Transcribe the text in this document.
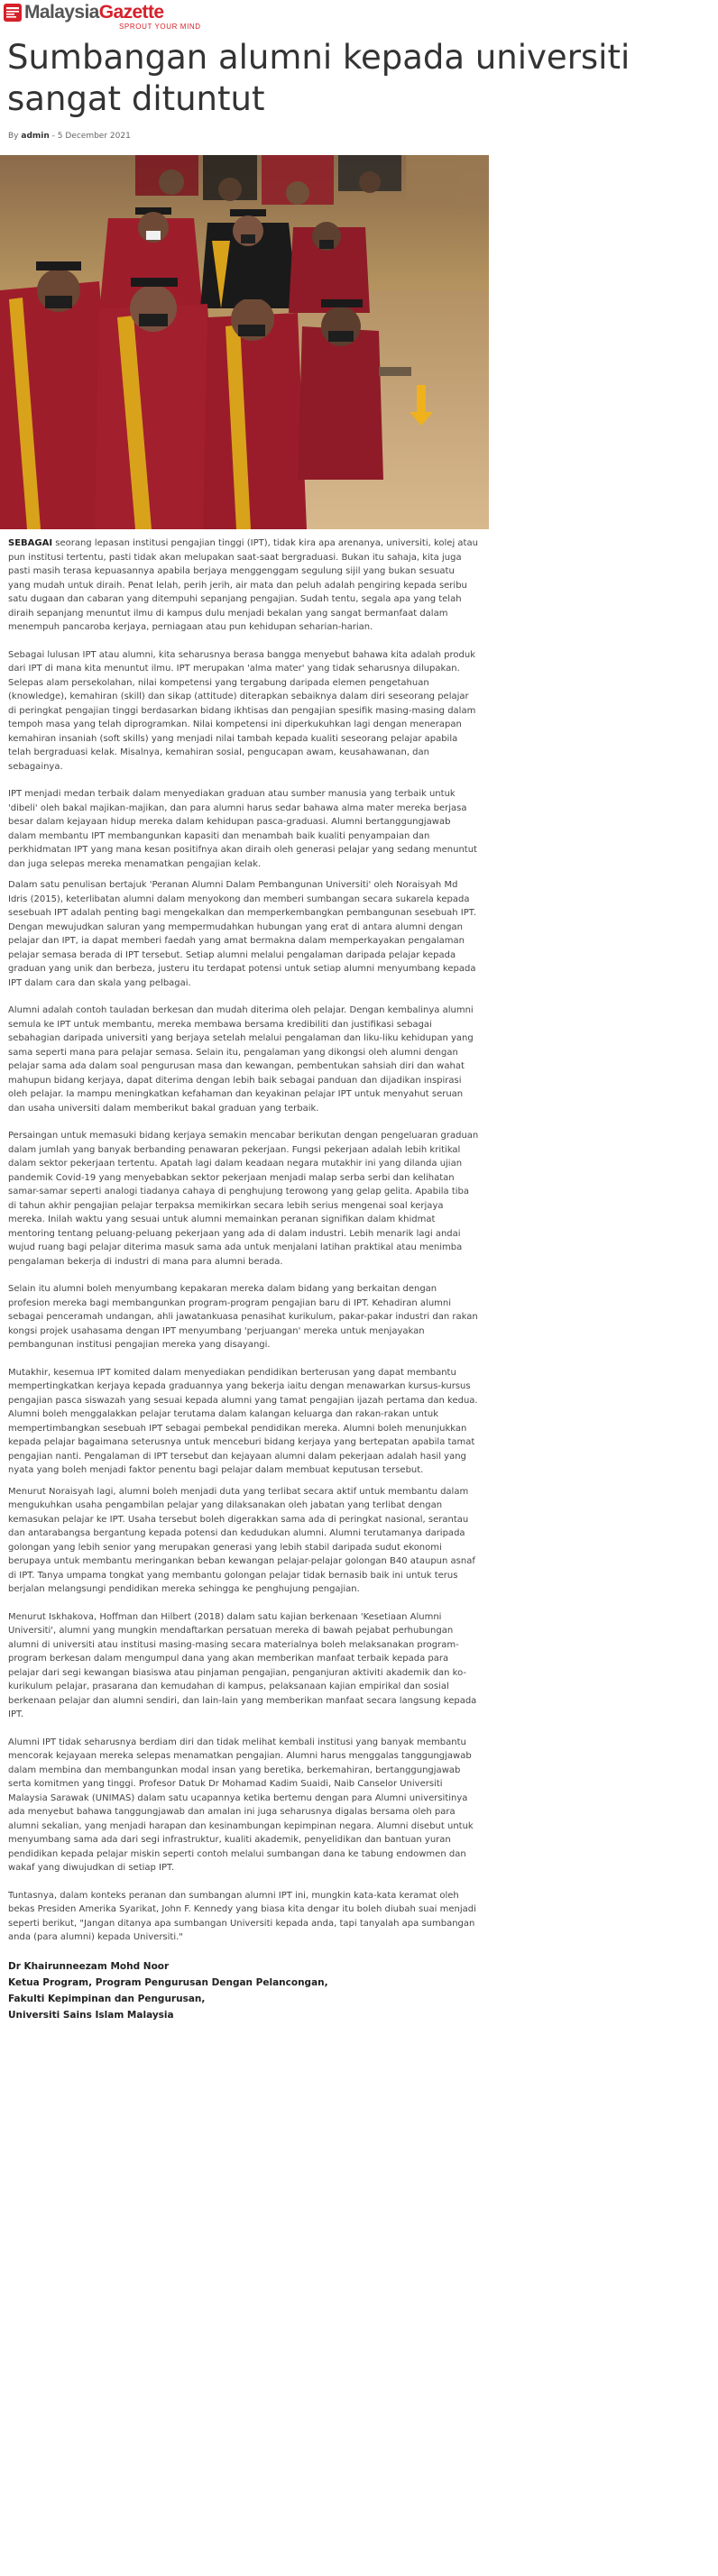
MalaysiaGazette
SPROUT YOUR MIND
Sumbangan alumni kepada universiti sangat dituntut
By admin - 5 December 2021

SEBAGAI seorang lepasan institusi pengajian tinggi (IPT), tidak kira apa arenanya, universiti, kolej atau pun institusi tertentu, pasti tidak akan melupakan saat-saat bergraduasi. Bukan itu sahaja, kita juga pasti masih terasa kepuasannya apabila berjaya menggenggam segulung sijil yang bukan sesuatu yang mudah untuk diraih. Penat lelah, perih jerih, air mata dan peluh adalah pengiring kepada seribu satu dugaan dan cabaran yang ditempuhi sepanjang pengajian. Sudah tentu, segala apa yang telah diraih sepanjang menuntut ilmu di kampus dulu menjadi bekalan yang sangat bermanfaat dalam menempuh pancaroba kerjaya, perniagaan atau pun kehidupan seharian-harian.

Sebagai lulusan IPT atau alumni, kita seharusnya berasa bangga menyebut bahawa kita adalah produk dari IPT di mana kita menuntut ilmu. IPT merupakan 'alma mater' yang tidak seharusnya dilupakan. Selepas alam persekolahan, nilai kompetensi yang tergabung daripada elemen pengetahuan (knowledge), kemahiran (skill) dan sikap (attitude) diterapkan sebaiknya dalam diri seseorang pelajar di peringkat pengajian tinggi berdasarkan bidang ikhtisas dan pengajian spesifik masing-masing dalam tempoh masa yang telah diprogramkan. Nilai kompetensi ini diperkukuhkan lagi dengan menerapan kemahiran insaniah (soft skills) yang menjadi nilai tambah kepada kualiti seseorang pelajar apabila telah bergraduasi kelak. Misalnya, kemahiran sosial, pengucapan awam, keusahawanan, dan sebagainya.

IPT menjadi medan terbaik dalam menyediakan graduan atau sumber manusia yang terbaik untuk 'dibeli' oleh bakal majikan-majikan, dan para alumni harus sedar bahawa alma mater mereka berjasa besar dalam kejayaan hidup mereka dalam kehidupan pasca-graduasi. Alumni bertanggungjawab dalam membantu IPT membangunkan kapasiti dan menambah baik kualiti penyampaian dan perkhidmatan IPT yang mana kesan positifnya akan diraih oleh generasi pelajar yang sedang menuntut dan juga selepas mereka menamatkan pengajian kelak.

Dalam satu penulisan bertajuk 'Peranan Alumni Dalam Pembangunan Universiti' oleh Noraisyah Md Idris (2015), keterlibatan alumni dalam menyokong dan memberi sumbangan secara sukarela kepada sesebuah IPT adalah penting bagi mengekalkan dan memperkembangkan pembangunan sesebuah IPT. Dengan mewujudkan saluran yang mempermudahkan hubungan yang erat di antara alumni dengan pelajar dan IPT, ia dapat memberi faedah yang amat bermakna dalam memperkayakan pengalaman pelajar semasa berada di IPT tersebut. Setiap alumni melalui pengalaman daripada pelajar kepada graduan yang unik dan berbeza, justeru itu terdapat potensi untuk setiap alumni menyumbang kepada IPT dalam cara dan skala yang pelbagai.

Alumni adalah contoh tauladan berkesan dan mudah diterima oleh pelajar. Dengan kembalinya alumni semula ke IPT untuk membantu, mereka membawa bersama kredibiliti dan justifikasi sebagai sebahagian daripada universiti yang berjaya setelah melalui pengalaman dan liku-liku kehidupan yang sama seperti mana para pelajar semasa. Selain itu, pengalaman yang dikongsi oleh alumni dengan pelajar sama ada dalam soal pengurusan masa dan kewangan, pembentukan sahsiah diri dan wahat mahupun bidang kerjaya, dapat diterima dengan lebih baik sebagai panduan dan dijadikan inspirasi oleh pelajar. Ia mampu meningkatkan kefahaman dan keyakinan pelajar IPT untuk menyahut seruan dan usaha universiti dalam memberikut bakal graduan yang terbaik.

Persaingan untuk memasuki bidang kerjaya semakin mencabar berikutan dengan pengeluaran graduan dalam jumlah yang banyak berbanding penawaran pekerjaan. Fungsi pekerjaan adalah lebih kritikal dalam sektor pekerjaan tertentu. Apatah lagi dalam keadaan negara mutakhir ini yang dilanda ujian pandemik Covid-19 yang menyebabkan sektor pekerjaan menjadi malap serba serbi dan kelihatan samar-samar seperti analogi tiadanya cahaya di penghujung terowong yang gelap gelita. Apabila tiba di tahun akhir pengajian pelajar terpaksa memikirkan secara lebih serius mengenai soal kerjaya mereka. Inilah waktu yang sesuai untuk alumni memainkan peranan signifikan dalam khidmat mentoring tentang peluang-peluang pekerjaan yang ada di dalam industri. Lebih menarik lagi andai wujud ruang bagi pelajar diterima masuk sama ada untuk menjalani latihan praktikal atau menimba pengalaman bekerja di industri di mana para alumni berada.

Selain itu alumni boleh menyumbang kepakaran mereka dalam bidang yang berkaitan dengan profesion mereka bagi membangunkan program-program pengajian baru di IPT. Kehadiran alumni sebagai penceramah undangan, ahli jawatankuasa penasihat kurikulum, pakar-pakar industri dan rakan kongsi projek usahasama dengan IPT menyumbang 'perjuangan' mereka untuk menjayakan pembangunan institusi pengajian mereka yang disayangi.

Mutakhir, kesemua IPT komited dalam menyediakan pendidikan berterusan yang dapat membantu mempertingkatkan kerjaya kepada graduannya yang bekerja iaitu dengan menawarkan kursus-kursus pengajian pasca siswazah yang sesuai kepada alumni yang tamat pengajian ijazah pertama dan kedua. Alumni boleh menggalakkan pelajar terutama dalam kalangan keluarga dan rakan-rakan untuk mempertimbangkan sesebuah IPT sebagai pembekal pendidikan mereka. Alumni boleh menunjukkan kepada pelajar bagaimana seterusnya untuk menceburi bidang kerjaya yang bertepatan apabila tamat pengajian nanti. Pengalaman di IPT tersebut dan kejayaan alumni dalam pekerjaan adalah hasil yang nyata yang boleh menjadi faktor penentu bagi pelajar dalam membuat keputusan tersebut.

Menurut Noraisyah lagi, alumni boleh menjadi duta yang terlibat secara aktif untuk membantu dalam mengukuhkan usaha pengambilan pelajar yang dilaksanakan oleh jabatan yang terlibat dengan kemasukan pelajar ke IPT. Usaha tersebut boleh digerakkan sama ada di peringkat nasional, serantau dan antarabangsa bergantung kepada potensi dan kedudukan alumni. Alumni terutamanya daripada golongan yang lebih senior yang merupakan generasi yang lebih stabil daripada sudut ekonomi berupaya untuk membantu meringankan beban kewangan pelajar-pelajar golongan B40 ataupun asnaf di IPT. Tanya umpama tongkat yang membantu golongan pelajar tidak bernasib baik ini untuk terus berjalan melangsungi pendidikan mereka sehingga ke penghujung pengajian.

Menurut Iskhakova, Hoffman dan Hilbert (2018) dalam satu kajian berkenaan 'Kesetiaan Alumni Universiti', alumni yang mungkin mendaftarkan persatuan mereka di bawah pejabat perhubungan alumni di universiti atau institusi masing-masing secara materialnya boleh melaksanakan program-program berkesan dalam mengumpul dana yang akan memberikan manfaat terbaik kepada para pelajar dari segi kewangan biasiswa atau pinjaman pengajian, penganjuran aktiviti akademik dan ko-kurikulum pelajar, prasarana dan kemudahan di kampus, pelaksanaan kajian empirikal dan sosial berkenaan pelajar dan alumni sendiri, dan lain-lain yang memberikan manfaat secara langsung kepada IPT.

Alumni IPT tidak seharusnya berdiam diri dan tidak melihat kembali institusi yang banyak membantu mencorak kejayaan mereka selepas menamatkan pengajian. Alumni harus menggalas tanggungjawab dalam membina dan membangunkan modal insan yang beretika, berkemahiran, bertanggungjawab serta komitmen yang tinggi. Profesor Datuk Dr Mohamad Kadim Suaidi, Naib Canselor Universiti Malaysia Sarawak (UNIMAS) dalam satu ucapannya ketika bertemu dengan para Alumni universitinya ada menyebut bahawa tanggungjawab dan amalan ini juga seharusnya digalas bersama oleh para alumni sekalian, yang menjadi harapan dan kesinambungan kepimpinan negara. Alumni disebut untuk menyumbang sama ada dari segi infrastruktur, kualiti akademik, penyelidikan dan bantuan yuran pendidikan kepada pelajar miskin seperti contoh melalui sumbangan dana ke tabung endowmen dan wakaf yang diwujudkan di setiap IPT.

Tuntasnya, dalam konteks peranan dan sumbangan alumni IPT ini, mungkin kata-kata keramat oleh bekas Presiden Amerika Syarikat, John F. Kennedy yang biasa kita dengar itu boleh diubah suai menjadi seperti berikut, "Jangan ditanya apa sumbangan Universiti kepada anda, tapi tanyalah apa sumbangan anda (para alumni) kepada Universiti."

Dr Khairunneezam Mohd Noor
Ketua Program, Program Pengurusan Dengan Pelancongan,
Fakulti Kepimpinan dan Pengurusan,
Universiti Sains Islam Malaysia
